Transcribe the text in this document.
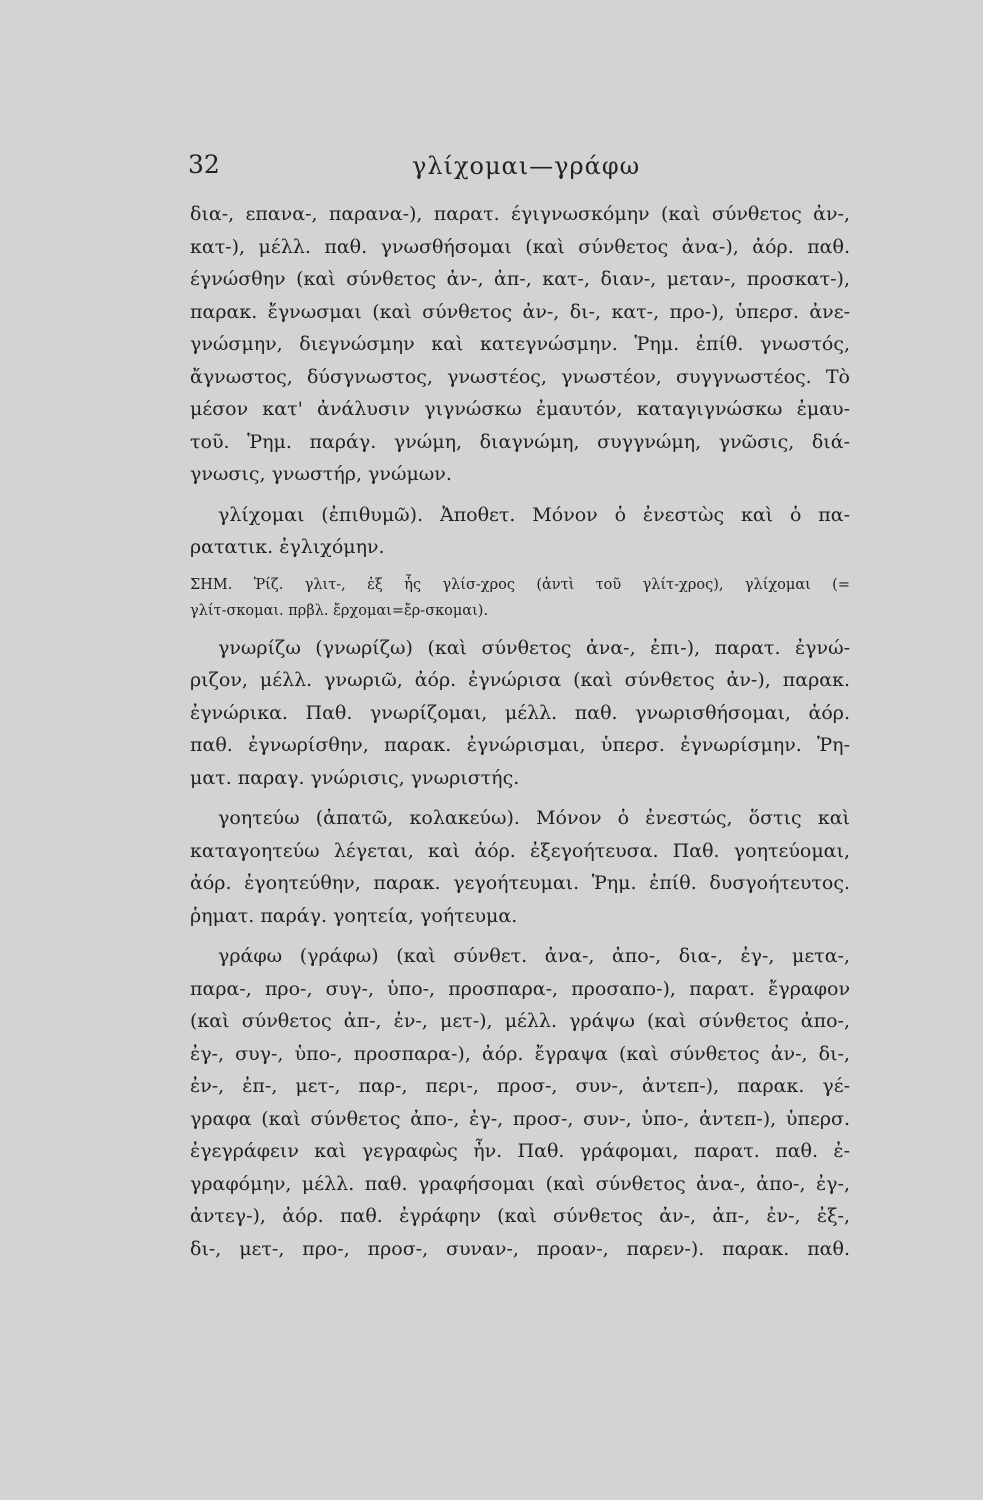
32	γλίχομαι—γράφω
δια-, επανα-, παρανα-), παρατ. έγιγνωσκόμην (καὶ σύνθετος ἀν-,
κατ-), μέλλ. παθ. γνωσθήσομαι (καὶ σύνθετος ἀνα-), ἀόρ. παθ.
έγνώσθην (καὶ σύνθετος ἀν-, ἀπ-, κατ-, διαν-, μεταν-, προσκατ-),
παρακ. ἔγνωσμαι (καὶ σύνθετος ἀν-, δι-, κατ-, προ-), ὑπερσ. ἀνε-
γνώσμην, διεγνώσμην καὶ κατεγνώσμην. Ῥημ. ἐπίθ. γνωστός,
ἄγνωστος, δύσγνωστος, γνωστέος, γνωστέον, συγγνωστέος. Τὸ
μέσον κατ' ἀνάλυσιν γιγνώσκω ἐμαυτόν, καταγιγνώσκω ἐμαυ-
τοῦ. Ῥημ. παράγ. γνώμη, διαγνώμη, συγγνώμη, γνῶσις, διά-
γνωσις, γνωστήρ, γνώμων.
γλίχομαι (ἐπιθυμῶ). Ἀποθετ. Μόνον ὁ ἐνεστὼς καὶ ὁ πα-
ρατατικ. ἐγλιχόμην.
ΣΗΜ. Ῥίζ. γλιτ-, ἐξ ἧς γλίσ-χρος (ἀντὶ τοῦ γλίτ-χρος), γλίχομαι (=
γλίτ-σκομαι. πρβλ. ἔρχομαι=ἔρ-σκομαι).
γνωρίζω (γνωρίζω) (καὶ σύνθετος ἀνα-, ἐπι-), παρατ. ἐγνώ-
ριζον, μέλλ. γνωριῶ, ἀόρ. ἐγνώρισα (καὶ σύνθετος ἀν-), παρακ.
ἐγνώρικα. Παθ. γνωρίζομαι, μέλλ. παθ. γνωρισθήσομαι, ἀόρ.
παθ. ἐγνωρίσθην, παρακ. ἐγνώρισμαι, ὑπερσ. ἐγνωρίσμην. Ῥη-
ματ. παραγ. γνώρισις, γνωριστής.
γοητεύω (ἀπατῶ, κολακεύω). Μόνον ὁ ἐνεστώς, ὅστις καὶ
καταγοητεύω λέγεται, καὶ ἀόρ. ἐξεγοήτευσα. Παθ. γοητεύομαι,
ἀόρ. ἐγοητεύθην, παρακ. γεγοήτευμαι. Ῥημ. ἐπίθ. δυσγοήτευτος.
ῥηματ. παράγ. γοητεία, γοήτευμα.
γράφω (γράφω) (καὶ σύνθετ. ἀνα-, ἀπο-, δια-, ἐγ-, μετα-,
παρα-, προ-, συγ-, ὑπο-, προσπαρα-, προσαπο-), παρατ. ἔγραφον
(καὶ σύνθετος ἀπ-, ἐν-, μετ-), μέλλ. γράψω (καὶ σύνθετος ἀπο-,
ἐγ-, συγ-, ὑπο-, προσπαρα-), ἀόρ. ἔγραψα (καὶ σύνθετος ἀν-, δι-,
ἐν-, ἐπ-, μετ-, παρ-, περι-, προσ-, συν-, ἀντεπ-), παρακ. γέ-
γραφα (καὶ σύνθετος ἀπο-, ἐγ-, προσ-, συν-, ὑπο-, ἀντεπ-), ὑπερσ.
ἐγεγράφειν καὶ γεγραφὼς ἦν. Παθ. γράφομαι, παρατ. παθ. ἐ-
γραφόμην, μέλλ. παθ. γραφήσομαι (καὶ σύνθετος ἀνα-, ἀπο-, ἐγ-,
ἀντεγ-), ἀόρ. παθ. ἐγράφην (καὶ σύνθετος ἀν-, ἀπ-, ἐν-, ἐξ-,
δι-, μετ-, προ-, προσ-, συναν-, προαν-, παρεν-). παρακ. παθ.
